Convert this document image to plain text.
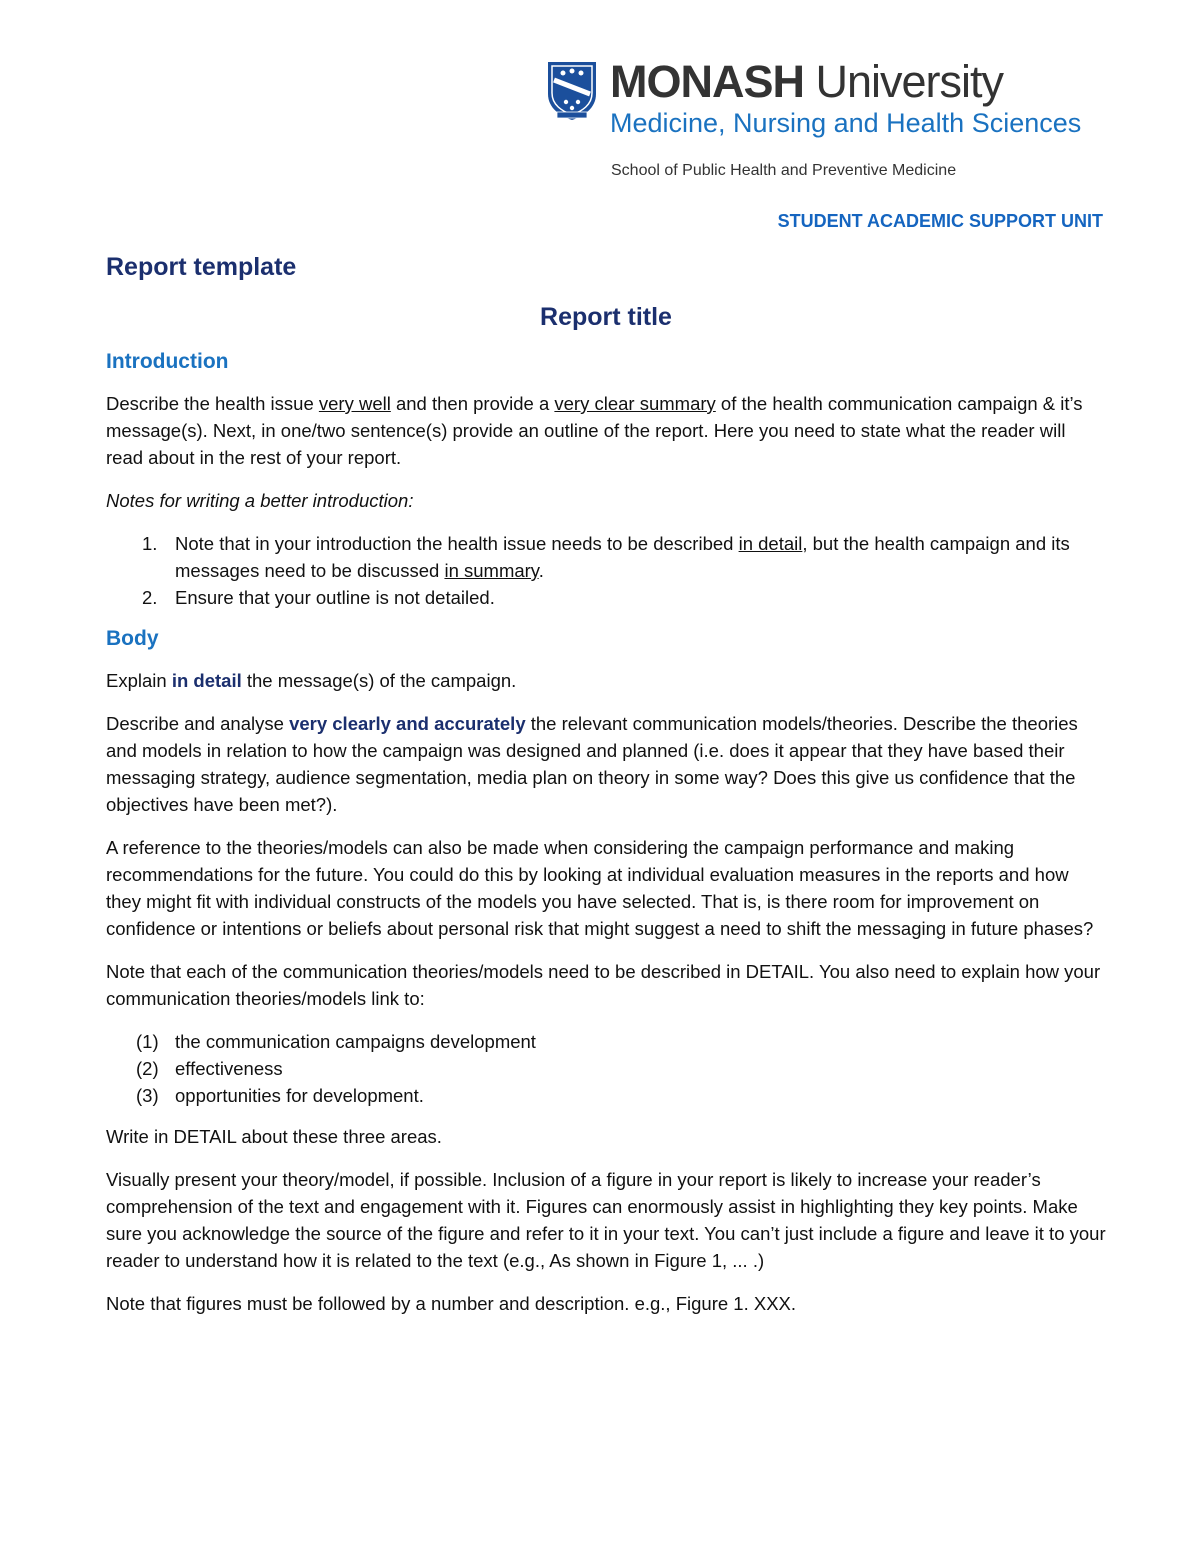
MONASH University
Medicine, Nursing and Health Sciences
School of Public Health and Preventive Medicine
STUDENT ACADEMIC SUPPORT UNIT
Report template
Report title
Introduction

Describe the health issue very well and then provide a very clear summary of the health communication campaign & it’s message(s). Next, in one/two sentence(s) provide an outline of the report. Here you need to state what the reader will read about in the rest of your report.

Notes for writing a better introduction:

1. Note that in your introduction the health issue needs to be described in detail, but the health campaign and its messages need to be discussed in summary.
2. Ensure that your outline is not detailed.
Body

Explain in detail the message(s) of the campaign.

Describe and analyse very clearly and accurately the relevant communication models/theories. Describe the theories and models in relation to how the campaign was designed and planned (i.e. does it appear that they have based their messaging strategy, audience segmentation, media plan on theory in some way? Does this give us confidence that the objectives have been met?).

A reference to the theories/models can also be made when considering the campaign performance and making recommendations for the future. You could do this by looking at individual evaluation measures in the reports and how they might fit with individual constructs of the models you have selected. That is, is there room for improvement on confidence or intentions or beliefs about personal risk that might suggest a need to shift the messaging in future phases?

Note that each of the communication theories/models need to be described in DETAIL. You also need to explain how your communication theories/models link to:

(1) the communication campaigns development
(2) effectiveness
(3) opportunities for development.

Write in DETAIL about these three areas.

Visually present your theory/model, if possible. Inclusion of a figure in your report is likely to increase your reader’s comprehension of the text and engagement with it. Figures can enormously assist in highlighting they key points. Make sure you acknowledge the source of the figure and refer to it in your text. You can’t just include a figure and leave it to your reader to understand how it is related to the text (e.g., As shown in Figure 1, ... .)

Note that figures must be followed by a number and description. e.g., Figure 1. XXX.
